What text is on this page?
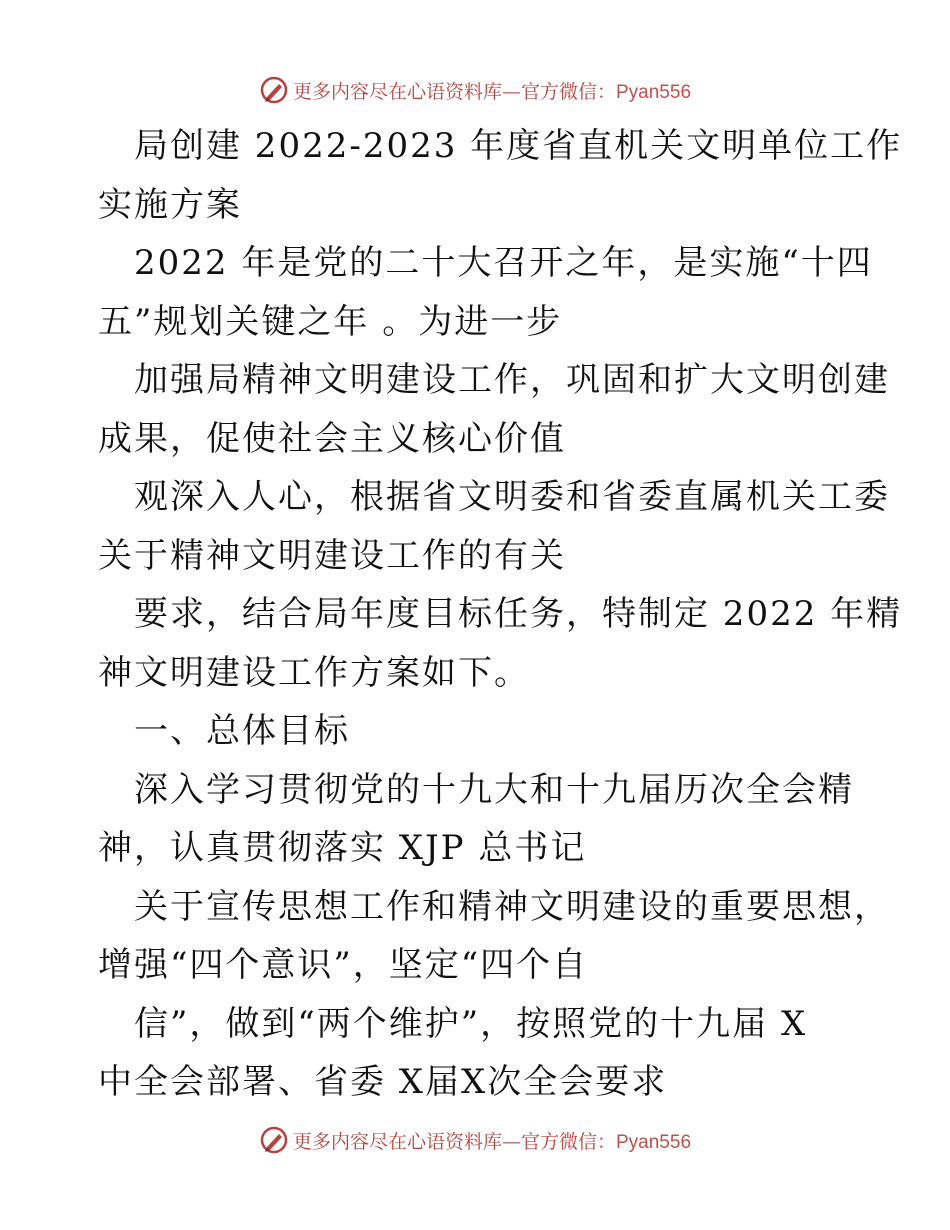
更多内容尽在心语资料库—官方微信：Pyan556
局创建 2022-2023 年度省直机关文明单位工作
实施方案
2022 年是党的二十大召开之年，是实施“十四
五”规划关键之年 。为进一步
加强局精神文明建设工作，巩固和扩大文明创建
成果，促使社会主义核心价值
观深入人心，根据省文明委和省委直属机关工委
关于精神文明建设工作的有关
要求，结合局年度目标任务，特制定 2022 年精
神文明建设工作方案如下。
一、总体目标
深入学习贯彻党的十九大和十九届历次全会精
神，认真贯彻落实 XJP 总书记
关于宣传思想工作和精神文明建设的重要思想，
增强“四个意识”，坚定“四个自
信”，做到“两个维护”，按照党的十九届 X
中全会部署、省委 X届X次全会要求
更多内容尽在心语资料库—官方微信：Pyan556
